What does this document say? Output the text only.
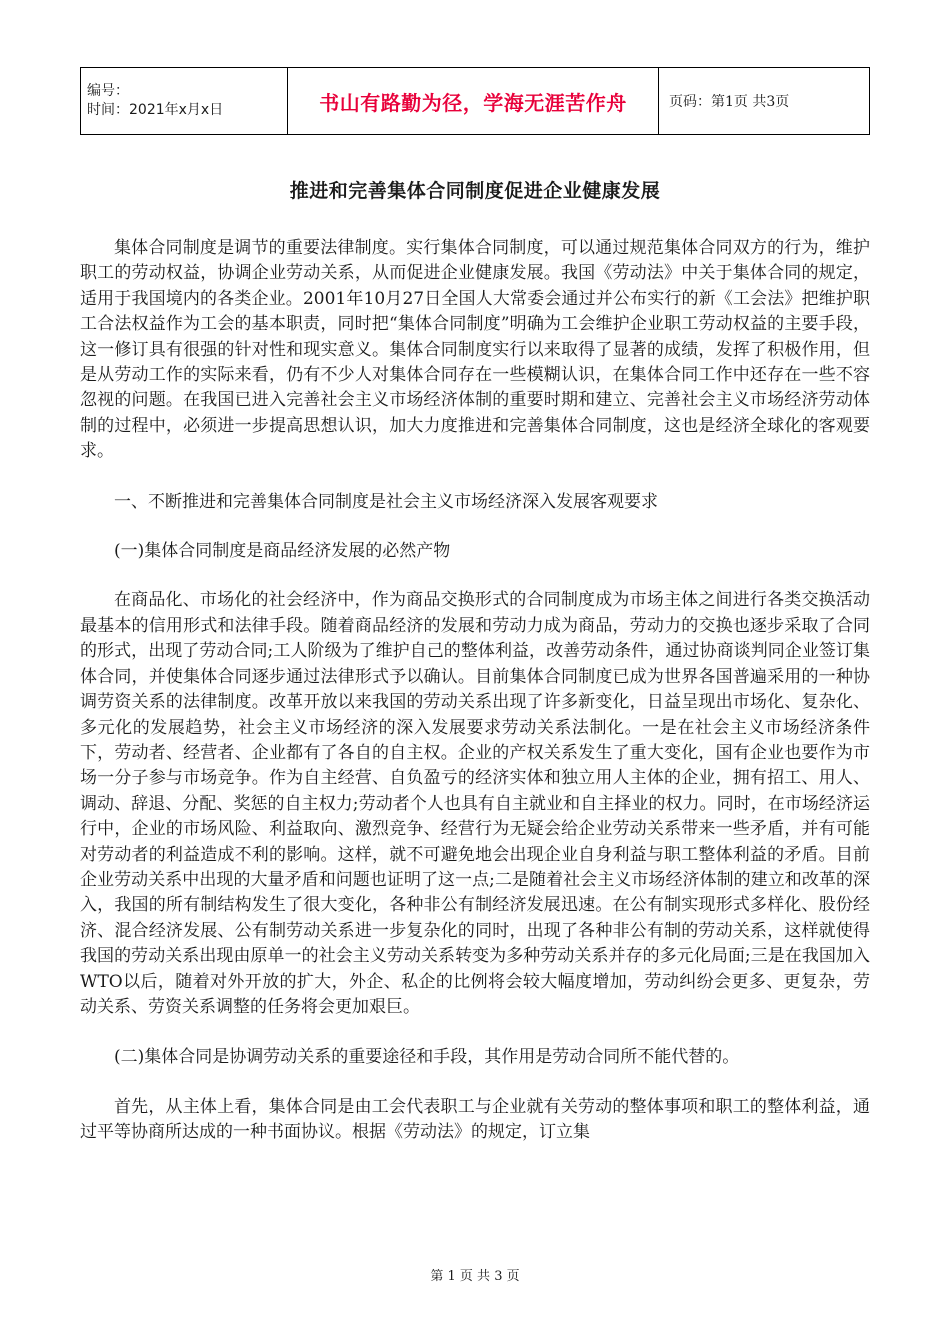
编号：
时间：2021年x月x日	书山有路勤为径，学海无涯苦作舟	页码：第1页 共3页
推进和完善集体合同制度促进企业健康发展

集体合同制度是调节的重要法律制度。实行集体合同制度，可以通过规范集体合同双方的行为，维护职工的劳动权益，协调企业劳动关系，从而促进企业健康发展。我国《劳动法》中关于集体合同的规定，适用于我国境内的各类企业。2001年10月27日全国人大常委会通过并公布实行的新《工会法》把维护职工合法权益作为工会的基本职责，同时把“集体合同制度”明确为工会维护企业职工劳动权益的主要手段，这一修订具有很强的针对性和现实意义。集体合同制度实行以来取得了显著的成绩，发挥了积极作用，但是从劳动工作的实际来看，仍有不少人对集体合同存在一些模糊认识，在集体合同工作中还存在一些不容忽视的问题。在我国已进入完善社会主义市场经济体制的重要时期和建立、完善社会主义市场经济劳动体制的过程中，必须进一步提高思想认识，加大力度推进和完善集体合同制度，这也是经济全球化的客观要求。

一、不断推进和完善集体合同制度是社会主义市场经济深入发展客观要求

(一)集体合同制度是商品经济发展的必然产物

在商品化、市场化的社会经济中，作为商品交换形式的合同制度成为市场主体之间进行各类交换活动最基本的信用形式和法律手段。随着商品经济的发展和劳动力成为商品，劳动力的交换也逐步采取了合同的形式，出现了劳动合同;工人阶级为了维护自己的整体利益，改善劳动条件，通过协商谈判同企业签订集体合同，并使集体合同逐步通过法律形式予以确认。目前集体合同制度已成为世界各国普遍采用的一种协调劳资关系的法律制度。改革开放以来我国的劳动关系出现了许多新变化，日益呈现出市场化、复杂化、多元化的发展趋势，社会主义市场经济的深入发展要求劳动关系法制化。一是在社会主义市场经济条件下，劳动者、经营者、企业都有了各自的自主权。企业的产权关系发生了重大变化，国有企业也要作为市场一分子参与市场竞争。作为自主经营、自负盈亏的经济实体和独立用人主体的企业，拥有招工、用人、调动、辞退、分配、奖惩的自主权力;劳动者个人也具有自主就业和自主择业的权力。同时，在市场经济运行中，企业的市场风险、利益取向、激烈竞争、经营行为无疑会给企业劳动关系带来一些矛盾，并有可能对劳动者的利益造成不利的影响。这样，就不可避免地会出现企业自身利益与职工整体利益的矛盾。目前企业劳动关系中出现的大量矛盾和问题也证明了这一点;二是随着社会主义市场经济体制的建立和改革的深入，我国的所有制结构发生了很大变化，各种非公有制经济发展迅速。在公有制实现形式多样化、股份经济、混合经济发展、公有制劳动关系进一步复杂化的同时，出现了各种非公有制的劳动关系，这样就使得我国的劳动关系出现由原单一的社会主义劳动关系转变为多种劳动关系并存的多元化局面;三是在我国加入WTO以后，随着对外开放的扩大，外企、私企的比例将会较大幅度增加，劳动纠纷会更多、更复杂，劳动关系、劳资关系调整的任务将会更加艰巨。

(二)集体合同是协调劳动关系的重要途径和手段，其作用是劳动合同所不能代替的。

首先，从主体上看，集体合同是由工会代表职工与企业就有关劳动的整体事项和职工的整体利益，通过平等协商所达成的一种书面协议。根据《劳动法》的规定，订立集

第 1 页 共 3 页
